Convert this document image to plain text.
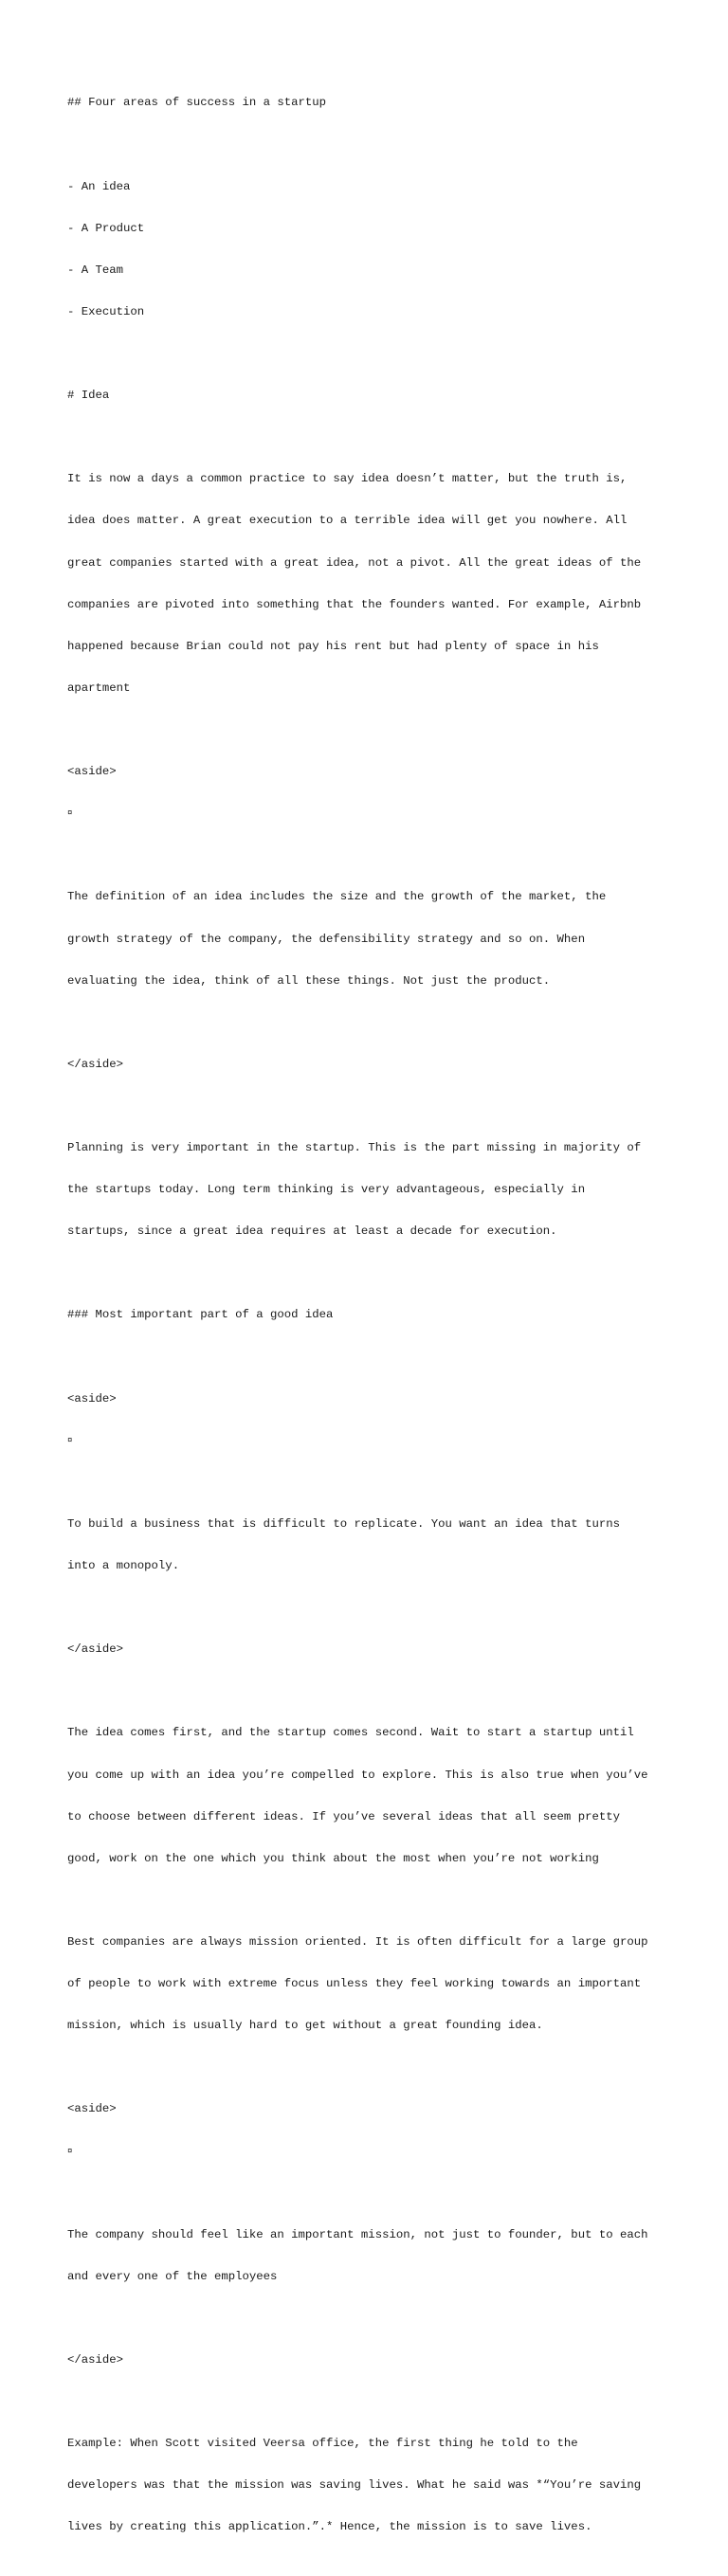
## Four areas of success in a startup

- An idea

- A Product

- A Team

- Execution

# Idea

It is now a days a common practice to say idea doesn’t matter, but the truth is,

idea does matter. A great execution to a terrible idea will get you nowhere. All

great companies started with a great idea, not a pivot. All the great ideas of the

companies are pivoted into something that the founders wanted. For example, Airbnb

happened because Brian could not pay his rent but had plenty of space in his

apartment

<aside>

¤

The definition of an idea includes the size and the growth of the market, the

growth strategy of the company, the defensibility strategy and so on. When

evaluating the idea, think of all these things. Not just the product.

</aside>

Planning is very important in the startup. This is the part missing in majority of

the startups today. Long term thinking is very advantageous, especially in

startups, since a great idea requires at least a decade for execution.

### Most important part of a good idea

<aside>

¤

To build a business that is difficult to replicate. You want an idea that turns

into a monopoly.

</aside>

The idea comes first, and the startup comes second. Wait to start a startup until

you come up with an idea you’re compelled to explore. This is also true when you’ve

to choose between different ideas. If you’ve several ideas that all seem pretty

good, work on the one which you think about the most when you’re not working

Best companies are always mission oriented. It is often difficult for a large group

of people to work with extreme focus unless they feel working towards an important

mission, which is usually hard to get without a great founding idea.

<aside>

¤

The company should feel like an important mission, not just to founder, but to each

and every one of the employees

</aside>

Example: When Scott visited Veersa office, the first thing he told to the

developers was that the mission was saving lives. What he said was *“You’re saving

lives by creating this application.”.* Hence, the mission is to save lives.
